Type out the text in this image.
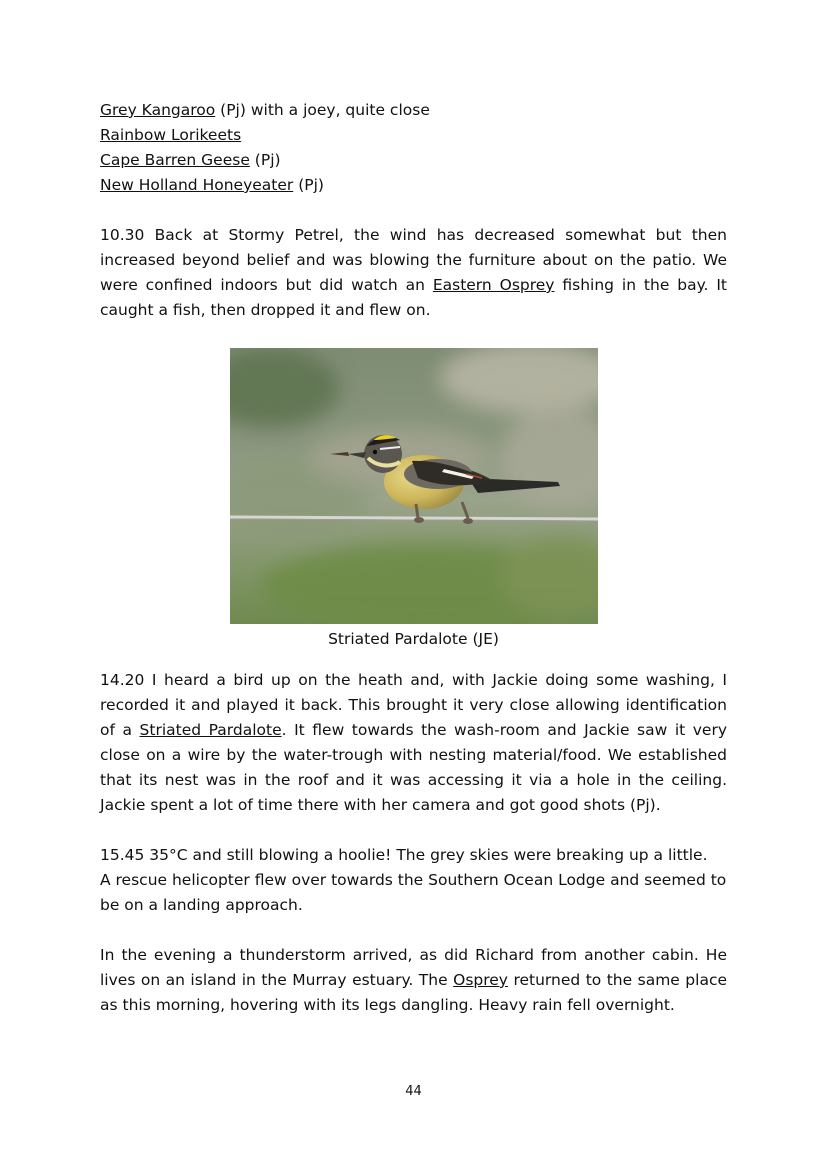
Grey Kangaroo (Pj) with a joey, quite close
Rainbow Lorikeets
Cape Barren Geese (Pj)
New Holland Honeyeater (Pj)

10.30 Back at Stormy Petrel, the wind has decreased somewhat but then increased beyond belief and was blowing the furniture about on the patio. We were confined indoors but did watch an Eastern Osprey fishing in the bay. It caught a fish, then dropped it and flew on.

Striated Pardalote (JE)

14.20 I heard a bird up on the heath and, with Jackie doing some washing, I recorded it and played it back. This brought it very close allowing identification of a Striated Pardalote. It flew towards the wash-room and Jackie saw it very close on a wire by the water-trough with nesting material/food. We established that its nest was in the roof and it was accessing it via a hole in the ceiling. Jackie spent a lot of time there with her camera and got good shots (Pj).

15.45 35°C and still blowing a hoolie! The grey skies were breaking up a little.

A rescue helicopter flew over towards the Southern Ocean Lodge and seemed to be on a landing approach.

In the evening a thunderstorm arrived, as did Richard from another cabin. He lives on an island in the Murray estuary. The Osprey returned to the same place as this morning, hovering with its legs dangling. Heavy rain fell overnight.

44
